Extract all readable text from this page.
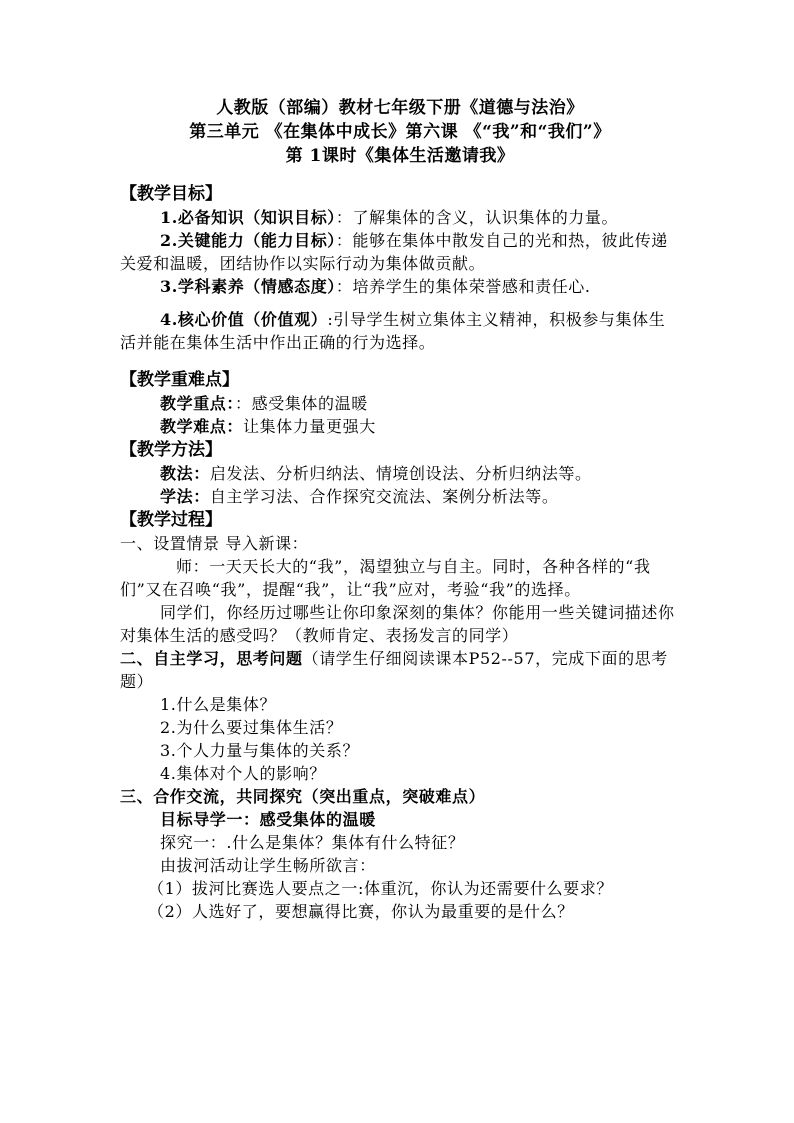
人教版（部编）教材七年级下册《道德与法治》
第三单元 《在集体中成长》第六课 《“我”和“我们”》
第 1课时《集体生活邀请我》
【教学目标】

1.必备知识（知识目标）：了解集体的含义，认识集体的力量。

2.关键能力（能力目标）：能够在集体中散发自己的光和热，彼此传递关爱和温暖，团结协作以实际行动为集体做贡献。

3.学科素养（情感态度）：培养学生的集体荣誉感和责任心.

4.核心价值（价值观）:引导学生树立集体主义精神，积极参与集体生活并能在集体生活中作出正确的行为选择。

【教学重难点】

教学重点：：感受集体的温暖

教学难点：让集体力量更强大

【教学方法】

教法：启发法、分析归纳法、情境创设法、分析归纳法等。

学法：自主学习法、合作探究交流法、案例分析法等。

【教学过程】

一、设置情景 导入新课：

师：一天天长大的“我”，渴望独立与自主。同时，各种各样的“我们”又在召唤“我”，提醒“我”，让“我”应对，考验“我”的选择。

同学们，你经历过哪些让你印象深刻的集体？你能用一些关键词描述你对集体生活的感受吗？（教师肯定、表扬发言的同学）

二、自主学习，思考问题（请学生仔细阅读课本P52--57，完成下面的思考题）

1.什么是集体？

2.为什么要过集体生活？

3.个人力量与集体的关系？

4.集体对个人的影响？

三、合作交流，共同探究（突出重点，突破难点）

目标导学一：感受集体的温暖

探究一：.什么是集体？集体有什么特征？

由拔河活动让学生畅所欲言：

（1）拔河比赛选人要点之一:体重沉，你认为还需要什么要求？

（2）人选好了，要想赢得比赛，你认为最重要的是什么？
